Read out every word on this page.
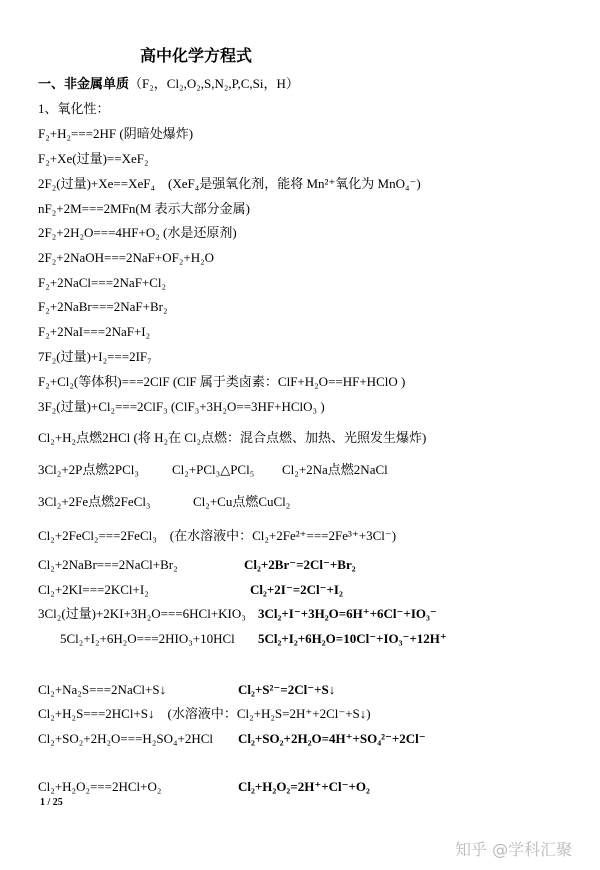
高中化学方程式
一、非金属单质（F₂，Cl₂,O₂,S,N₂,P,C,Si，H）
1、氧化性：
F₂+H₂===2HF (阴暗处爆炸)
F₂+Xe(过量)==XeF₂
2F₂(过量)+Xe==XeF₄　(XeF₄是强氧化剂，能将 Mn²⁺氧化为 MnO₄⁻)
nF₂+2M===2MFn(M 表示大部分金属)
2F₂+2H₂O===4HF+O₂ (水是还原剂)
2F₂+2NaOH===2NaF+OF₂+H₂O
F₂+2NaCl===2NaF+Cl₂
F₂+2NaBr===2NaF+Br₂
F₂+2NaI===2NaF+I₂
7F₂(过量)+I₂===2IF₇
F₂+Cl₂(等体积)===2ClF (ClF 属于类卤素：ClF+H₂O==HF+HClO )
3F₂(过量)+Cl₂===2ClF₃ (ClF₃+3H₂O==3HF+HClO₃ )
Cl₂+H₂点燃2HCl (将 H₂在 Cl₂点燃：混合点燃、加热、光照发生爆炸)
3Cl₂+2P点燃2PCl₃	Cl₂+PCl₃△PCl₅ Cl₂+2Na点燃2NaCl
3Cl₂+2Fe点燃2FeCl₃	Cl₂+Cu点燃CuCl₂
Cl₂+2FeCl₂===2FeCl₃　(在水溶液中：Cl₂+2Fe²⁺===2Fe³⁺+3Cl⁻)
Cl₂+2NaBr===2NaCl+Br₂	Cl₂+2Br⁻=2Cl⁻+Br₂
Cl₂+2KI===2KCl+I₂	Cl₂+2I⁻=2Cl⁻+I₂
3Cl₂(过量)+2KI+3H₂O===6HCl+KIO₃ 3Cl₂+I⁻+3H₂O=6H⁺+6Cl⁻+IO₃⁻
5Cl₂+I₂+6H₂O===2HIO₃+10HCl 5Cl₂+I₂+6H₂O=10Cl⁻+IO₃⁻+12H⁺
Cl₂+Na₂S===2NaCl+S↓	Cl₂+S²⁻=2Cl⁻+S↓
Cl₂+H₂S===2HCl+S↓　(水溶液中：Cl₂+H₂S=2H⁺+2Cl⁻+S↓)
Cl₂+SO₂+2H₂O===H₂SO₄+2HCl Cl₂+SO₂+2H₂O=4H⁺+SO₄²⁻+2Cl⁻
Cl₂+H₂O₂===2HCl+O₂	Cl₂+H₂O₂=2H⁺+Cl⁻+O₂
1 / 25
知乎 @学科汇聚
